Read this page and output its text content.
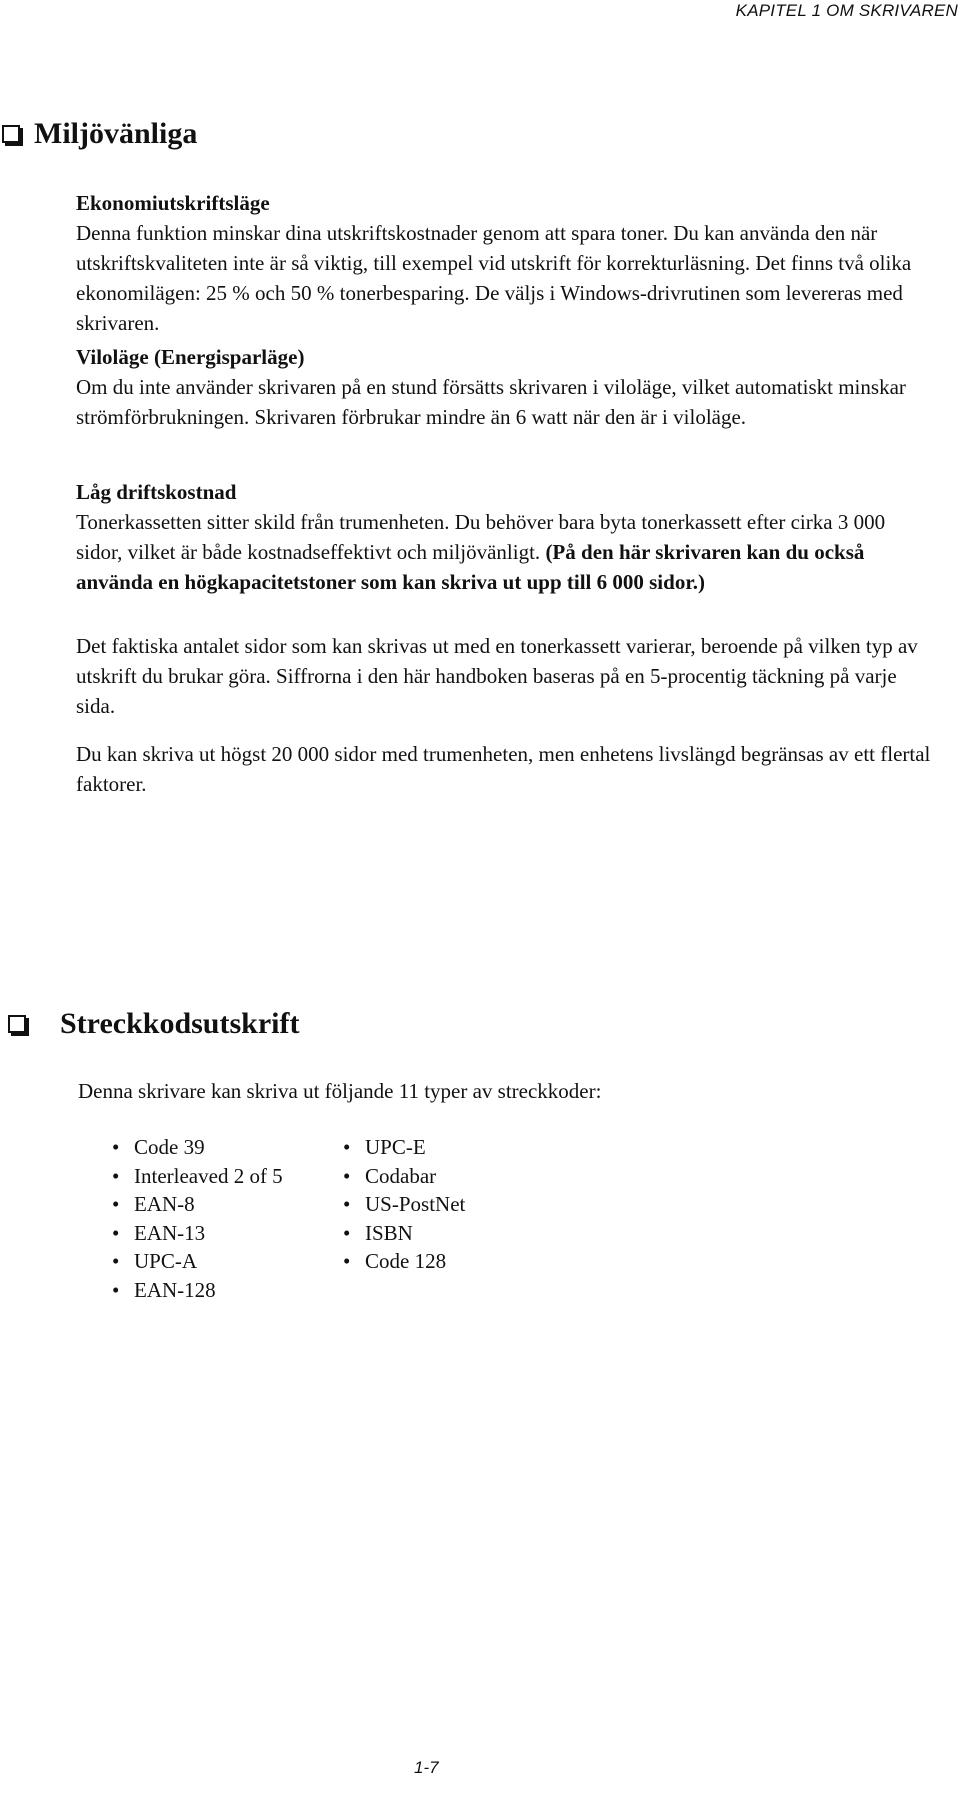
KAPITEL 1 OM SKRIVAREN
Miljövänliga
Ekonomiutskriftsläge

Denna funktion minskar dina utskriftskostnader genom att spara toner. Du kan använda den när utskriftskvaliteten inte är så viktig, till exempel vid utskrift för korrekturläsning. Det finns två olika ekonomilägen: 25 % och 50 % tonerbesparing. De väljs i Windows-drivrutinen som levereras med skrivaren.

Viloläge (Energisparläge)

Om du inte använder skrivaren på en stund försätts skrivaren i viloläge, vilket automatiskt minskar strömförbrukningen. Skrivaren förbrukar mindre än 6 watt när den är i viloläge.

Låg driftskostnad

Tonerkassetten sitter skild från trumenheten. Du behöver bara byta tonerkassett efter cirka 3 000 sidor, vilket är både kostnadseffektivt och miljövänligt. (På den här skrivaren kan du också använda en högkapacitetstoner som kan skriva ut upp till 6 000 sidor.)

Det faktiska antalet sidor som kan skrivas ut med en tonerkassett varierar, beroende på vilken typ av utskrift du brukar göra. Siffrorna i den här handboken baseras på en 5-procentig täckning på varje sida.

Du kan skriva ut högst 20 000 sidor med trumenheten, men enhetens livslängd begränsas av ett flertal faktorer.

Streckkodsutskrift
Denna skrivare kan skriva ut följande 11 typer av streckkoder:
• Code 39
• Interleaved 2 of 5
• EAN-8
• EAN-13
• UPC-A
• EAN-128
• UPC-E
• Codabar
• US-PostNet
• ISBN
• Code 128
1-7
